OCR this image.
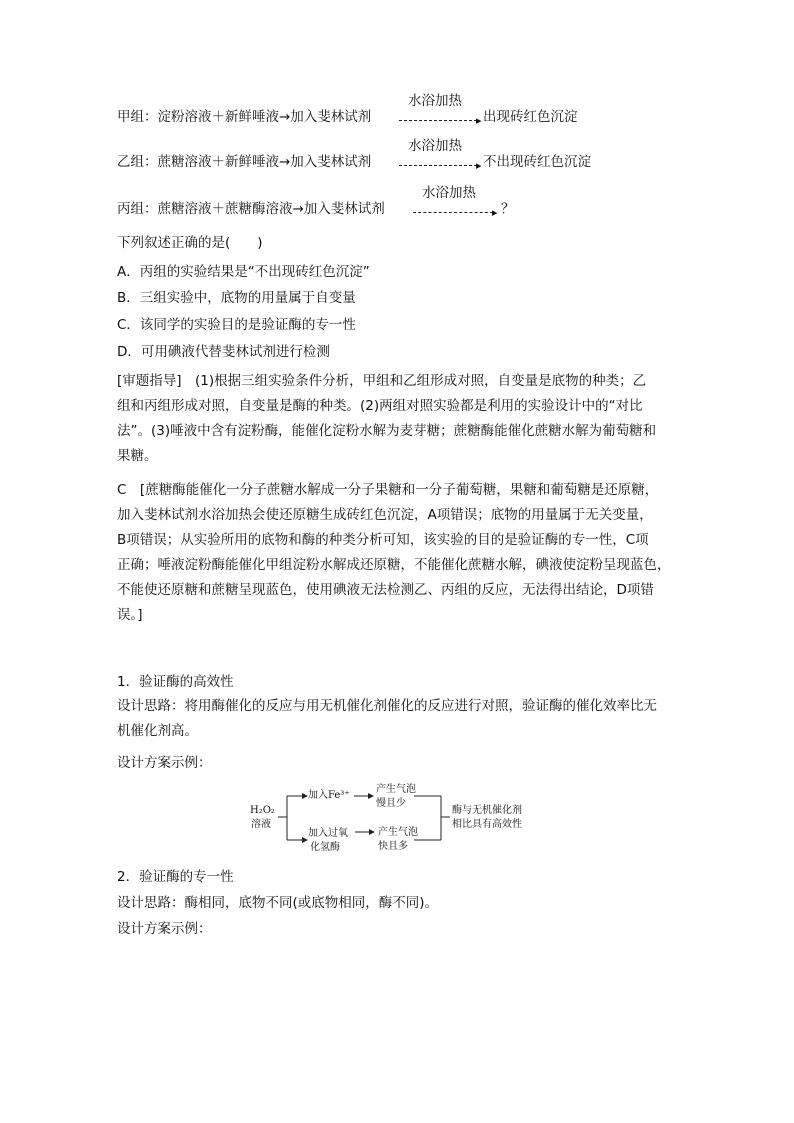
甲组：淀粉溶液＋新鲜唾液→加入斐林试剂
水浴加热
▸ 出现砖红色沉淀
乙组：蔗糖溶液＋新鲜唾液→加入斐林试剂
水浴加热
▸ 不出现砖红色沉淀
丙组：蔗糖溶液＋蔗糖酶溶液→加入斐林试剂
水浴加热
▸ ？
下列叙述正确的是(　　)
A．丙组的实验结果是“不出现砖红色沉淀”
B．三组实验中，底物的用量属于自变量
C．该同学的实验目的是验证酶的专一性
D．可用碘液代替斐林试剂进行检测
[审题指导]　(1)根据三组实验条件分析，甲组和乙组形成对照，自变量是底物的种类；乙
组和丙组形成对照，自变量是酶的种类。(2)两组对照实验都是利用的实验设计中的“对比
法”。(3)唾液中含有淀粉酶，能催化淀粉水解为麦芽糖；蔗糖酶能催化蔗糖水解为葡萄糖和
果糖。
C　[蔗糖酶能催化一分子蔗糖水解成一分子果糖和一分子葡萄糖，果糖和葡萄糖是还原糖，
加入斐林试剂水浴加热会使还原糖生成砖红色沉淀，A项错误；底物的用量属于无关变量，
B项错误；从实验所用的底物和酶的种类分析可知，该实验的目的是验证酶的专一性，C项
正确；唾液淀粉酶能催化甲组淀粉水解成还原糖，不能催化蔗糖水解，碘液使淀粉呈现蓝色，
不能使还原糖和蔗糖呈现蓝色，使用碘液无法检测乙、丙组的反应，无法得出结论，D项错
误。]
1．验证酶的高效性
设计思路：将用酶催化的反应与用无机催化剂催化的反应进行对照，验证酶的催化效率比无
机催化剂高。
设计方案示例：
H₂O₂
溶液
加入Fe³⁺
加入过氧
化氢酶
产生气泡
慢且少
产生气泡
快且多
酶与无机催化剂
相比具有高效性
2．验证酶的专一性
设计思路：酶相同，底物不同(或底物相同，酶不同)。
设计方案示例：
